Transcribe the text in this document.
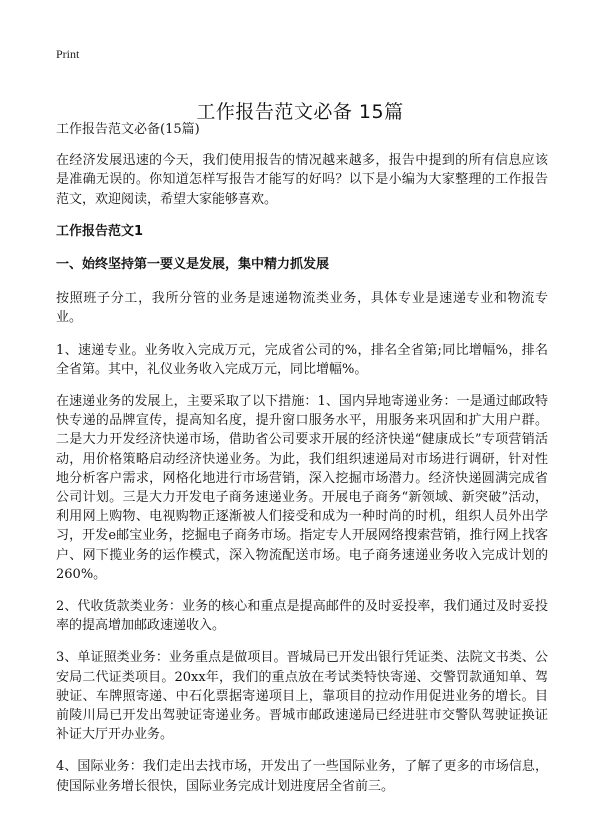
Print
工作报告范文必备 15篇

工作报告范文必备(15篇)

在经济发展迅速的今天，我们使用报告的情况越来越多，报告中提到的所有信息应该是准确无误的。你知道怎样写报告才能写的好吗？以下是小编为大家整理的工作报告范文，欢迎阅读，希望大家能够喜欢。

工作报告范文1
一、始终坚持第一要义是发展，集中精力抓发展

按照班子分工，我所分管的业务是速递物流类业务，具体专业是速递专业和物流专业。

1、速递专业。业务收入完成万元，完成省公司的%，排名全省第;同比增幅%，排名全省第。其中，礼仪业务收入完成万元，同比增幅%。

在速递业务的发展上，主要采取了以下措施：1、国内异地寄递业务：一是通过邮政特快专递的品牌宣传，提高知名度，提升窗口服务水平，用服务来巩固和扩大用户群。二是大力开发经济快递市场，借助省公司要求开展的经济快递“健康成长”专项营销活动，用价格策略启动经济快递业务。为此，我们组织速递局对市场进行调研，针对性地分析客户需求，网格化地进行市场营销，深入挖掘市场潜力。经济快递圆满完成省公司计划。三是大力开发电子商务速递业务。开展电子商务“新领域、新突破”活动，利用网上购物、电视购物正逐渐被人们接受和成为一种时尚的时机，组织人员外出学习，开发e邮宝业务，挖掘电子商务市场。指定专人开展网络搜索营销，推行网上找客户、网下揽业务的运作模式，深入物流配送市场。电子商务速递业务收入完成计划的260%。

2、代收货款类业务：业务的核心和重点是提高邮件的及时妥投率，我们通过及时妥投率的提高增加邮政速递收入。

3、单证照类业务：业务重点是做项目。晋城局已开发出银行凭证类、法院文书类、公安局二代证类项目。20xx年，我们的重点放在考试类特快寄递、交警罚款通知单、驾驶证、车牌照寄递、中石化票据寄递项目上，靠项目的拉动作用促进业务的增长。目前陵川局已开发出驾驶证寄递业务。晋城市邮政速递局已经进驻市交警队驾驶证换证补证大厅开办业务。

4、国际业务：我们走出去找市场，开发出了一些国际业务，了解了更多的市场信息，使国际业务增长很快，国际业务完成计划进度居全省前三。
